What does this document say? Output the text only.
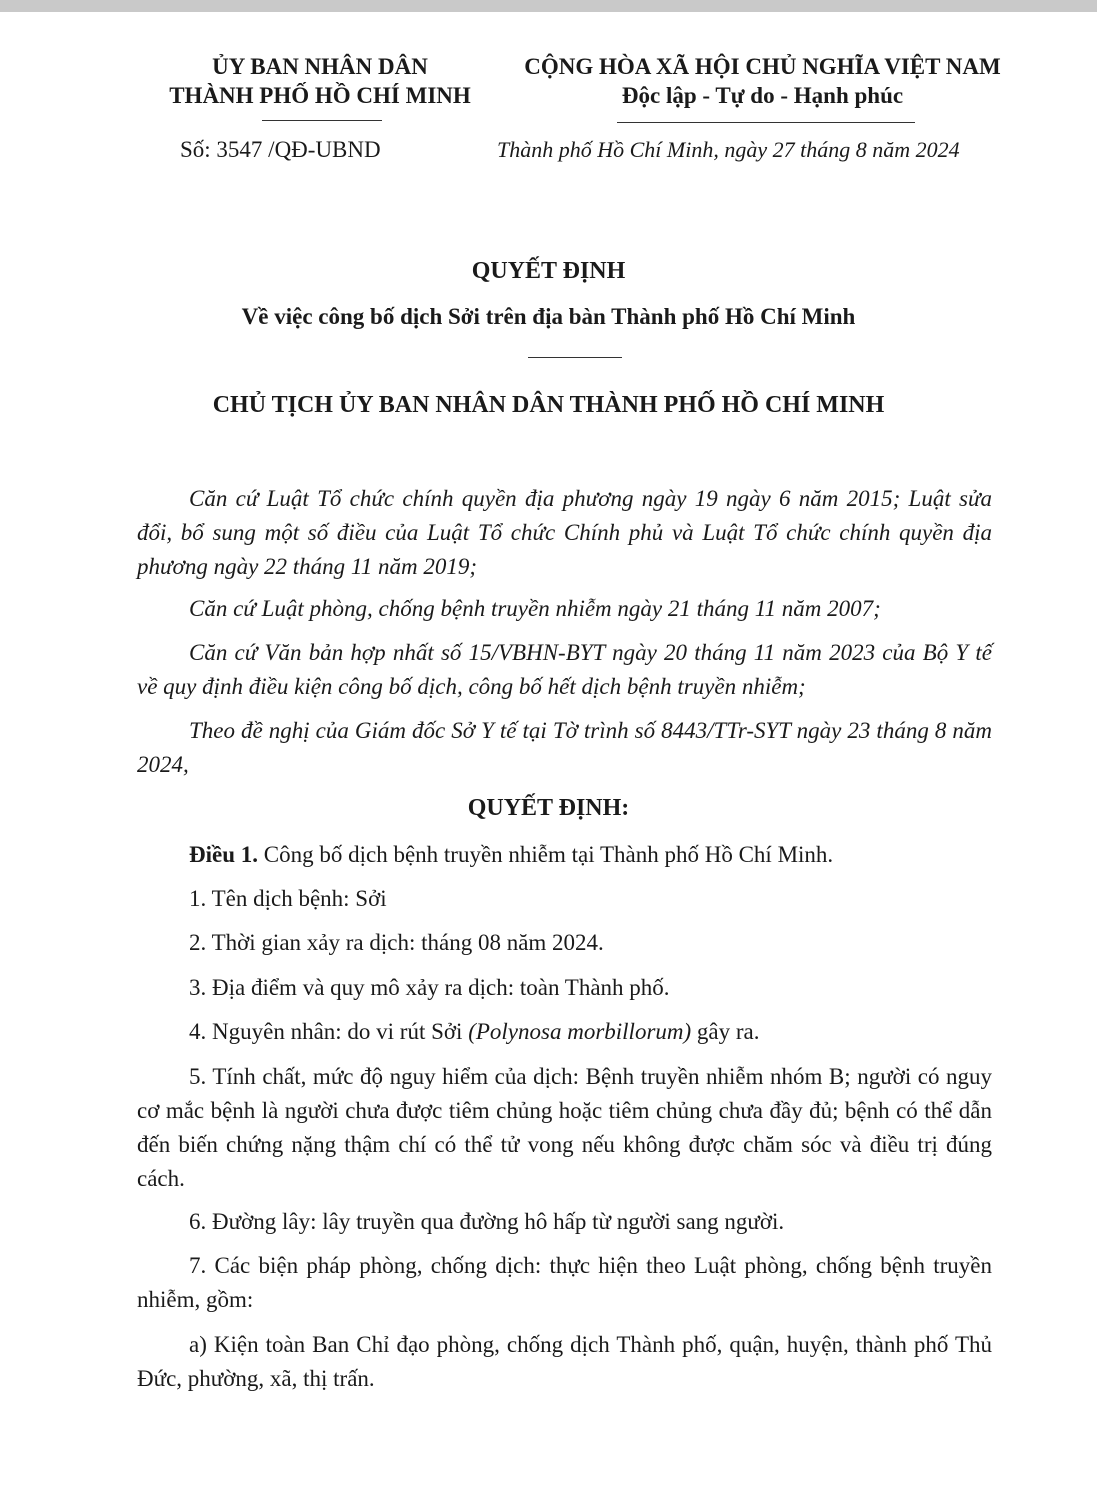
ỦY BAN NHÂN DÂN
THÀNH PHỐ HỒ CHÍ MINH
CỘNG HÒA XÃ HỘI CHỦ NGHĨA VIỆT NAM
Độc lập - Tự do - Hạnh phúc
Số: 3547 /QĐ-UBND	Thành phố Hồ Chí Minh, ngày 27 tháng 8 năm 2024
QUYẾT ĐỊNH
Về việc công bố dịch Sởi trên địa bàn Thành phố Hồ Chí Minh
CHỦ TỊCH ỦY BAN NHÂN DÂN THÀNH PHỐ HỒ CHÍ MINH

Căn cứ Luật Tổ chức chính quyền địa phương ngày 19 ngày 6 năm 2015; Luật sửa đổi, bổ sung một số điều của Luật Tổ chức Chính phủ và Luật Tổ chức chính quyền địa phương ngày 22 tháng 11 năm 2019;

Căn cứ Luật phòng, chống bệnh truyền nhiễm ngày 21 tháng 11 năm 2007;

Căn cứ Văn bản hợp nhất số 15/VBHN-BYT ngày 20 tháng 11 năm 2023 của Bộ Y tế về quy định điều kiện công bố dịch, công bố hết dịch bệnh truyền nhiễm;

Theo đề nghị của Giám đốc Sở Y tế tại Tờ trình số 8443/TTr-SYT ngày 23 tháng 8 năm 2024,

QUYẾT ĐỊNH:

Điều 1. Công bố dịch bệnh truyền nhiễm tại Thành phố Hồ Chí Minh.

1. Tên dịch bệnh: Sởi

2. Thời gian xảy ra dịch: tháng 08 năm 2024.

3. Địa điểm và quy mô xảy ra dịch: toàn Thành phố.

4. Nguyên nhân: do vi rút Sởi (Polynosa morbillorum) gây ra.

5. Tính chất, mức độ nguy hiểm của dịch: Bệnh truyền nhiễm nhóm B; người có nguy cơ mắc bệnh là người chưa được tiêm chủng hoặc tiêm chủng chưa đầy đủ; bệnh có thể dẫn đến biến chứng nặng thậm chí có thể tử vong nếu không được chăm sóc và điều trị đúng cách.

6. Đường lây: lây truyền qua đường hô hấp từ người sang người.

7. Các biện pháp phòng, chống dịch: thực hiện theo Luật phòng, chống bệnh truyền nhiễm, gồm:

a) Kiện toàn Ban Chỉ đạo phòng, chống dịch Thành phố, quận, huyện, thành phố Thủ Đức, phường, xã, thị trấn.
